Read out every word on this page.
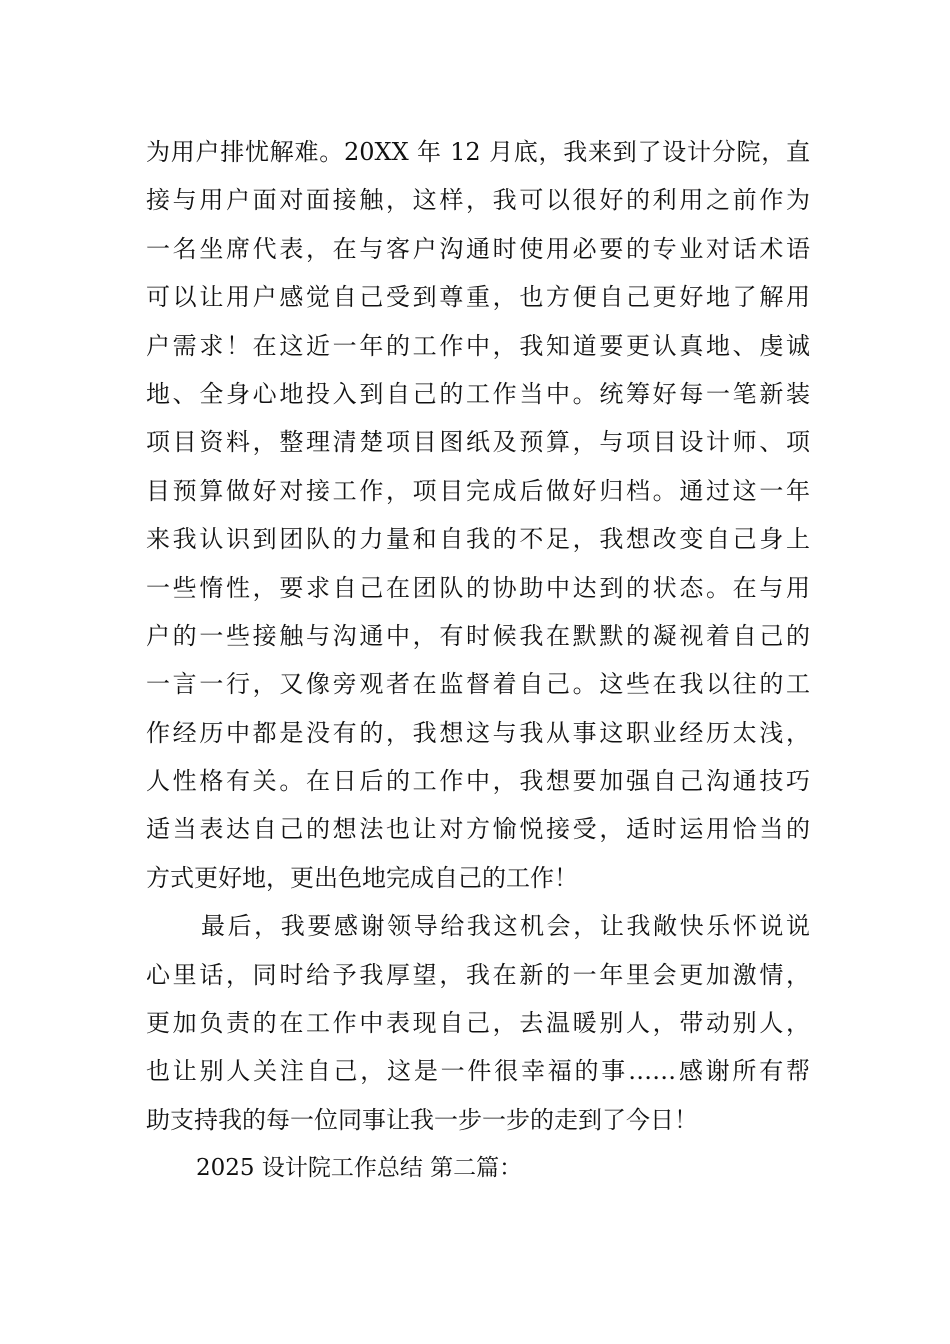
为用户排忧解难。20XX 年 12 月底，我来到了设计分院，直
接与用户面对面接触，这样，我可以很好的利用之前作为
一名坐席代表，在与客户沟通时使用必要的专业对话术语
可以让用户感觉自己受到尊重，也方便自己更好地了解用
户需求！在这近一年的工作中，我知道要更认真地、虔诚
地、全身心地投入到自己的工作当中。统筹好每一笔新装
项目资料，整理清楚项目图纸及预算，与项目设计师、项
目预算做好对接工作，项目完成后做好归档。通过这一年
来我认识到团队的力量和自我的不足，我想改变自己身上
一些惰性，要求自己在团队的协助中达到的状态。在与用
户的一些接触与沟通中，有时候我在默默的凝视着自己的
一言一行，又像旁观者在监督着自己。这些在我以往的工
作经历中都是没有的，我想这与我从事这职业经历太浅，
人性格有关。在日后的工作中，我想要加强自己沟通技巧
适当表达自己的想法也让对方愉悦接受，适时运用恰当的
方式更好地，更出色地完成自己的工作！
最后，我要感谢领导给我这机会，让我敞快乐怀说说
心里话，同时给予我厚望，我在新的一年里会更加激情，
更加负责的在工作中表现自己，去温暖别人，带动别人，
也让别人关注自己，这是一件很幸福的事……感谢所有帮
助支持我的每一位同事让我一步一步的走到了今日！
2025 设计院工作总结 第二篇：
